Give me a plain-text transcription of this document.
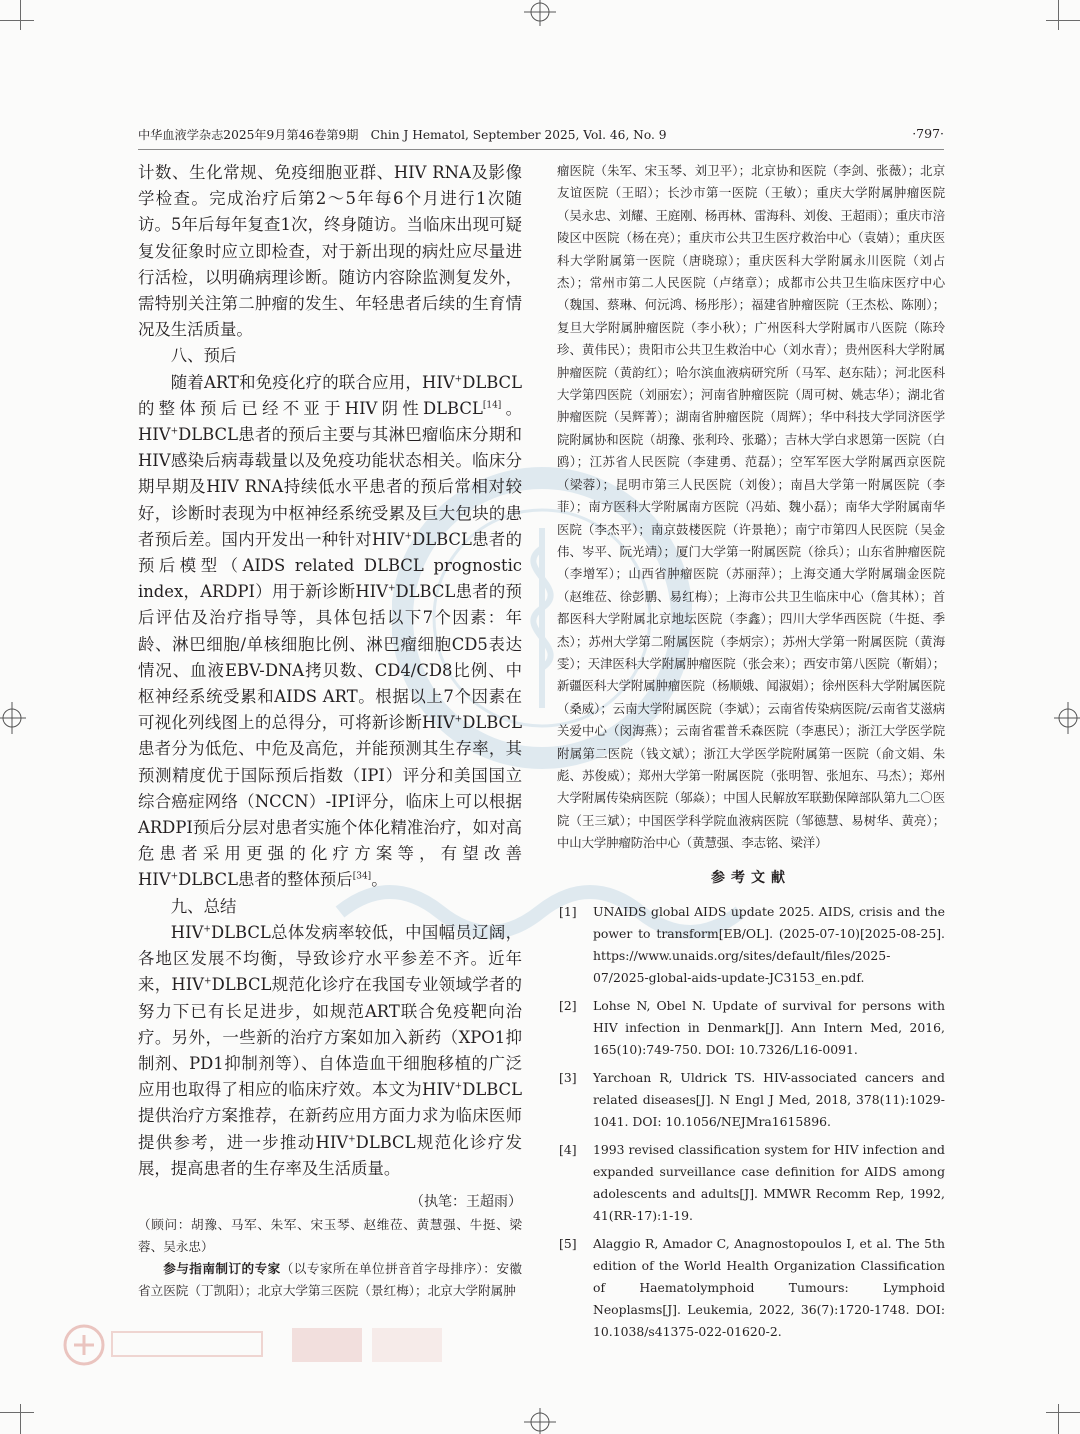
中华血液学杂志2025年9月第46卷第9期　Chin J Hematol, September 2025, Vol. 46, No. 9	·797·

计数、生化常规、免疫细胞亚群、HIV RNA及影像学检查。完成治疗后第2～5年每6个月进行1次随访。5年后每年复查1次，终身随访。当临床出现可疑复发征象时应立即检查，对于新出现的病灶应尽量进行活检，以明确病理诊断。随访内容除监测复发外，需特别关注第二肿瘤的发生、年轻患者后续的生育情况及生活质量。

八、预后

随着ART和免疫化疗的联合应用，HIV+DLBCL的整体预后已经不亚于HIV阴性DLBCL[14]。HIV+DLBCL患者的预后主要与其淋巴瘤临床分期和HIV感染后病毒载量以及免疫功能状态相关。临床分期早期及HIV RNA持续低水平患者的预后常相对较好，诊断时表现为中枢神经系统受累及巨大包块的患者预后差。国内开发出一种针对HIV+DLBCL患者的预后模型（AIDS related DLBCL prognostic index，ARDPI）用于新诊断HIV+DLBCL患者的预后评估及治疗指导等，具体包括以下7个因素：年龄、淋巴细胞/单核细胞比例、淋巴瘤细胞CD5表达情况、血液EBV-DNA拷贝数、CD4/CD8比例、中枢神经系统受累和AIDS ART。根据以上7个因素在可视化列线图上的总得分，可将新诊断HIV+DLBCL患者分为低危、中危及高危，并能预测其生存率，其预测精度优于国际预后指数（IPI）评分和美国国立综合癌症网络（NCCN）-IPI评分，临床上可以根据ARDPI预后分层对患者实施个体化精准治疗，如对高危患者采用更强的化疗方案等，有望改善HIV+DLBCL患者的整体预后[34]。

九、总结

HIV+DLBCL总体发病率较低，中国幅员辽阔，各地区发展不均衡，导致诊疗水平参差不齐。近年来，HIV+DLBCL规范化诊疗在我国专业领域学者的努力下已有长足进步，如规范ART联合免疫靶向治疗。另外，一些新的治疗方案如加入新药（XPO1抑制剂、PD1抑制剂等）、自体造血干细胞移植的广泛应用也取得了相应的临床疗效。本文为HIV+DLBCL提供治疗方案推荐，在新药应用方面力求为临床医师提供参考，进一步推动HIV+DLBCL规范化诊疗发展，提高患者的生存率及生活质量。

（执笔：王超雨）

（顾问：胡豫、马军、朱军、宋玉琴、赵维莅、黄慧强、牛挺、梁蓉、吴永忠）

参与指南制订的专家（以专家所在单位拼音首字母排序）：安徽省立医院（丁凯阳）；北京大学第三医院（景红梅）；北京大学附属肿

瘤医院（朱军、宋玉琴、刘卫平）；北京协和医院（李剑、张薇）；北京友谊医院（王昭）；长沙市第一医院（王敏）；重庆大学附属肿瘤医院（吴永忠、刘耀、王庭刚、杨再林、雷海科、刘俊、王超雨）；重庆市涪陵区中医院（杨在亮）；重庆市公共卫生医疗救治中心（袁婧）；重庆医科大学附属第一医院（唐晓琼）；重庆医科大学附属永川医院（刘占杰）；常州市第二人民医院（卢绪章）；成都市公共卫生临床医疗中心（魏国、蔡琳、何沅鸿、杨彤彤）；福建省肿瘤医院（王杰松、陈刚）；复旦大学附属肿瘤医院（李小秋）；广州医科大学附属市八医院（陈玲珍、黄伟民）；贵阳市公共卫生救治中心（刘水青）；贵州医科大学附属肿瘤医院（黄韵红）；哈尔滨血液病研究所（马军、赵东陆）；河北医科大学第四医院（刘丽宏）；河南省肿瘤医院（周可树、姚志华）；湖北省肿瘤医院（吴辉菁）；湖南省肿瘤医院（周辉）；华中科技大学同济医学院附属协和医院（胡豫、张利玲、张璐）；吉林大学白求恩第一医院（白鸥）；江苏省人民医院（李建勇、范磊）；空军军医大学附属西京医院（梁蓉）；昆明市第三人民医院（刘俊）；南昌大学第一附属医院（李菲）；南方医科大学附属南方医院（冯茹、魏小磊）；南华大学附属南华医院（李杰平）；南京鼓楼医院（许景艳）；南宁市第四人民医院（吴金伟、岑平、阮光靖）；厦门大学第一附属医院（徐兵）；山东省肿瘤医院（李增军）；山西省肿瘤医院（苏丽萍）；上海交通大学附属瑞金医院（赵维莅、徐彭鹏、易红梅）；上海市公共卫生临床中心（詹其林）；首都医科大学附属北京地坛医院（李鑫）；四川大学华西医院（牛挺、季杰）；苏州大学第二附属医院（李炳宗）；苏州大学第一附属医院（黄海雯）；天津医科大学附属肿瘤医院（张会来）；西安市第八医院（靳娟）；新疆医科大学附属肿瘤医院（杨顺娥、闻淑娟）；徐州医科大学附属医院（桑威）；云南大学附属医院（李斌）；云南省传染病医院/云南省艾滋病关爱中心（闵海燕）；云南省霍普禾森医院（李惠民）；浙江大学医学院附属第二医院（钱文斌）；浙江大学医学院附属第一医院（俞文娟、朱彪、苏俊威）；郑州大学第一附属医院（张明智、张旭东、马杰）；郑州大学附属传染病医院（邬焱）；中国人民解放军联勤保障部队第九二〇医院（王三斌）；中国医学科学院血液病医院（邹德慧、易树华、黄亮）；中山大学肿瘤防治中心（黄慧强、李志铭、梁洋）

参考文献

[1] UNAIDS global AIDS update 2025. AIDS, crisis and the power to transform[EB/OL]. (2025-07-10)[2025-08-25]. https://www.unaids.org/sites/default/files/2025-07/2025-global-aids-update-JC3153_en.pdf.

[2] Lohse N, Obel N. Update of survival for persons with HIV infection in Denmark[J]. Ann Intern Med, 2016, 165(10):749-750. DOI: 10.7326/L16-0091.

[3] Yarchoan R, Uldrick TS. HIV-associated cancers and related diseases[J]. N Engl J Med, 2018, 378(11):1029-1041. DOI: 10.1056/NEJMra1615896.

[4] 1993 revised classification system for HIV infection and expanded surveillance case definition for AIDS among adolescents and adults[J]. MMWR Recomm Rep, 1992, 41(RR-17):1-19.

[5] Alaggio R, Amador C, Anagnostopoulos I, et al. The 5th edition of the World Health Organization Classification of Haematolymphoid Tumours: Lymphoid Neoplasms[J]. Leukemia, 2022, 36(7):1720-1748. DOI: 10.1038/s41375-022-01620-2.
